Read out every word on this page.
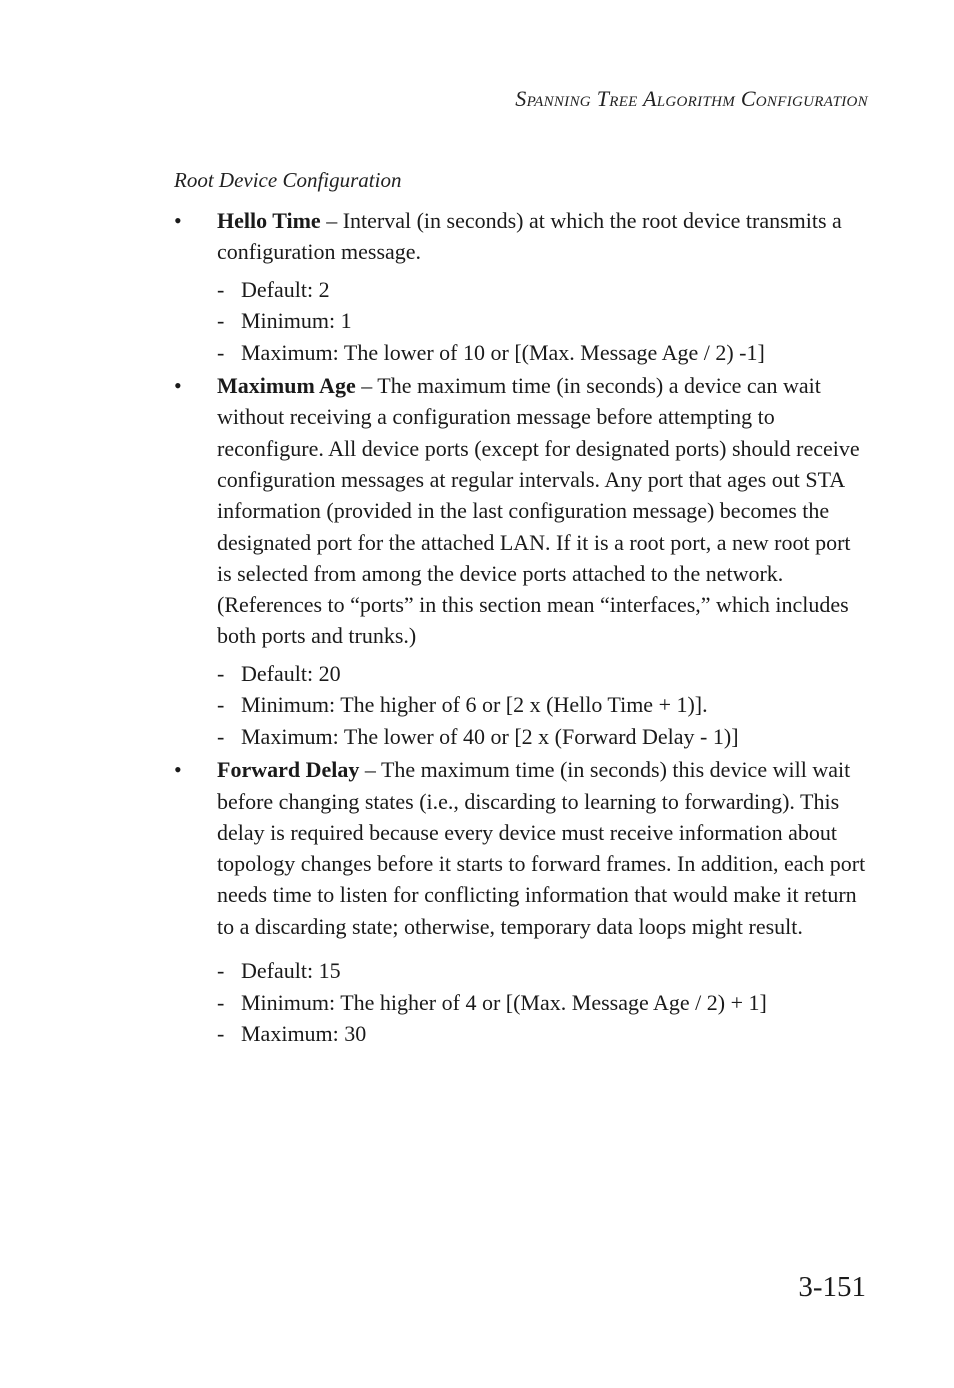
Spanning Tree Algorithm Configuration
Root Device Configuration
•	Hello Time – Interval (in seconds) at which the root device transmits a configuration message.
- Default: 2
- Minimum: 1
- Maximum: The lower of 10 or [(Max. Message Age / 2) -1]
•	Maximum Age – The maximum time (in seconds) a device can wait without receiving a configuration message before attempting to reconfigure. All device ports (except for designated ports) should receive configuration messages at regular intervals. Any port that ages out STA information (provided in the last configuration message) becomes the designated port for the attached LAN. If it is a root port, a new root port is selected from among the device ports attached to the network. (References to “ports” in this section mean “interfaces,” which includes both ports and trunks.)
- Default: 20
- Minimum: The higher of 6 or [2 x (Hello Time + 1)].
- Maximum: The lower of 40 or [2 x (Forward Delay - 1)]
•	Forward Delay – The maximum time (in seconds) this device will wait before changing states (i.e., discarding to learning to forwarding). This delay is required because every device must receive information about topology changes before it starts to forward frames. In addition, each port needs time to listen for conflicting information that would make it return to a discarding state; otherwise, temporary data loops might result.
- Default: 15
- Minimum: The higher of 4 or [(Max. Message Age / 2) + 1]
- Maximum: 30
3-151
